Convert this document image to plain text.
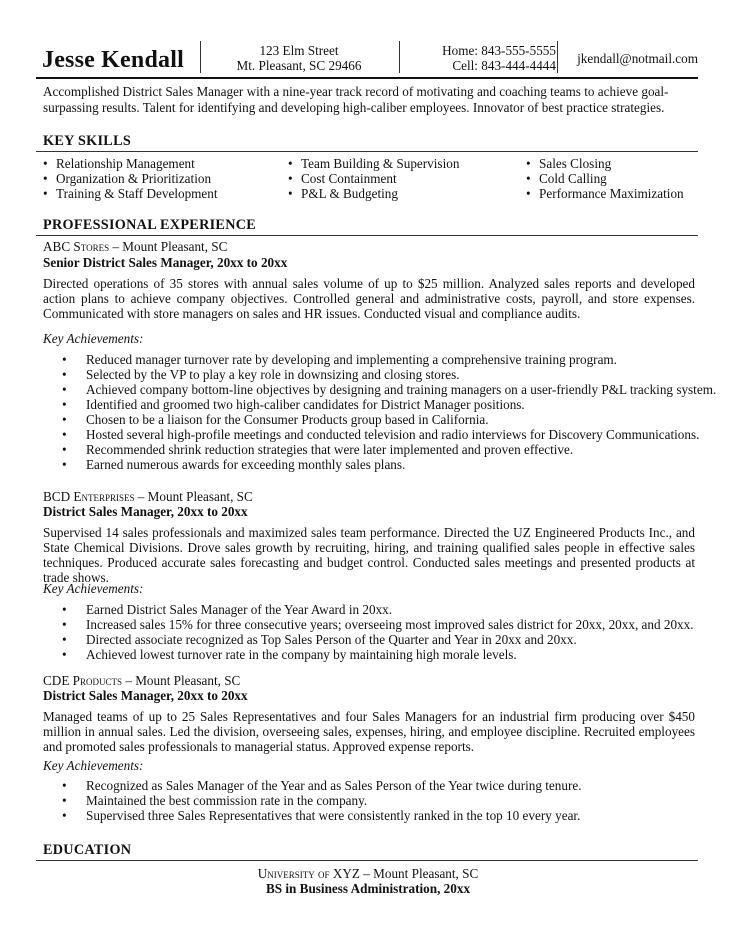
Jesse Kendall	123 Elm Street
Mt. Pleasant, SC 29466
Home: 843-555-5555
Cell: 843-444-4444	jkendall@notmail.com
Accomplished District Sales Manager with a nine-year track record of motivating and coaching teams to achieve goal-surpassing results. Talent for identifying and developing high-caliber employees. Innovator of best practice strategies.
KEY SKILLS
• Relationship Management
• Organization & Prioritization
• Training & Staff Development
• Team Building & Supervision
• Cost Containment
• P&L & Budgeting
• Sales Closing
• Cold Calling
• Performance Maximization
PROFESSIONAL EXPERIENCE
ABC Stores – Mount Pleasant, SC
Senior District Sales Manager, 20xx to 20xx
Directed operations of 35 stores with annual sales volume of up to $25 million. Analyzed sales reports and developed action plans to achieve company objectives. Controlled general and administrative costs, payroll, and store expenses. Communicated with store managers on sales and HR issues. Conducted visual and compliance audits.
Key Achievements:
• Reduced manager turnover rate by developing and implementing a comprehensive training program.
• Selected by the VP to play a key role in downsizing and closing stores.
• Achieved company bottom-line objectives by designing and training managers on a user-friendly P&L tracking system.
• Identified and groomed two high-caliber candidates for District Manager positions.
• Chosen to be a liaison for the Consumer Products group based in California.
• Hosted several high-profile meetings and conducted television and radio interviews for Discovery Communications.
• Recommended shrink reduction strategies that were later implemented and proven effective.
• Earned numerous awards for exceeding monthly sales plans.
BCD Enterprises – Mount Pleasant, SC
District Sales Manager, 20xx to 20xx
Supervised 14 sales professionals and maximized sales team performance. Directed the UZ Engineered Products Inc., and State Chemical Divisions. Drove sales growth by recruiting, hiring, and training qualified sales people in effective sales techniques. Produced accurate sales forecasting and budget control. Conducted sales meetings and presented products at trade shows.
Key Achievements:
• Earned District Sales Manager of the Year Award in 20xx.
• Increased sales 15% for three consecutive years; overseeing most improved sales district for 20xx, 20xx, and 20xx.
• Directed associate recognized as Top Sales Person of the Quarter and Year in 20xx and 20xx.
• Achieved lowest turnover rate in the company by maintaining high morale levels.
CDE Products – Mount Pleasant, SC
District Sales Manager, 20xx to 20xx
Managed teams of up to 25 Sales Representatives and four Sales Managers for an industrial firm producing over $450 million in annual sales. Led the division, overseeing sales, expenses, hiring, and employee discipline. Recruited employees and promoted sales professionals to managerial status. Approved expense reports.
Key Achievements:
• Recognized as Sales Manager of the Year and as Sales Person of the Year twice during tenure.
• Maintained the best commission rate in the company.
• Supervised three Sales Representatives that were consistently ranked in the top 10 every year.
EDUCATION
University of XYZ – Mount Pleasant, SC
BS in Business Administration, 20xx
